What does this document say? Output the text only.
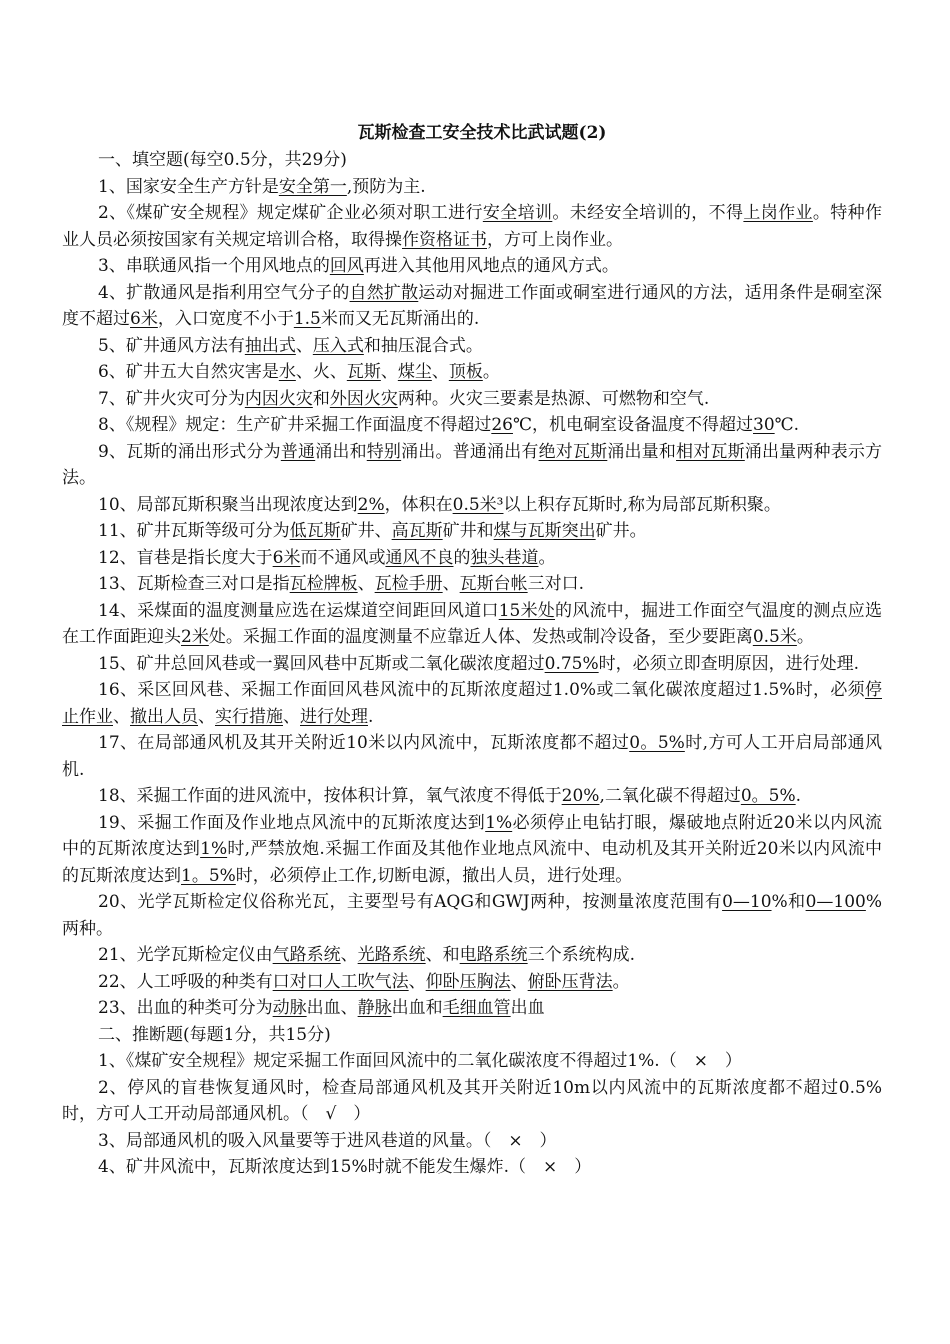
瓦斯检查工安全技术比武试题(2)

一、填空题(每空0.5分，共29分)

1、国家安全生产方针是安全第一,预防为主.

2、《煤矿安全规程》规定煤矿企业必须对职工进行安全培训。未经安全培训的，不得上岗作业。特种作业人员必须按国家有关规定培训合格，取得操作资格证书，方可上岗作业。

3、串联通风指一个用风地点的回风再进入其他用风地点的通风方式。

4、扩散通风是指利用空气分子的自然扩散运动对掘进工作面或硐室进行通风的方法，适用条件是硐室深度不超过6米，入口宽度不小于1.5米而又无瓦斯涌出的.

5、矿井通风方法有抽出式、压入式和抽压混合式。

6、矿井五大自然灾害是水、火、瓦斯、煤尘、顶板。

7、矿井火灾可分为内因火灾和外因火灾两种。火灾三要素是热源、可燃物和空气.

8、《规程》规定：生产矿井采掘工作面温度不得超过26℃，机电硐室设备温度不得超过30℃.

9、瓦斯的涌出形式分为普通涌出和特别涌出。普通涌出有绝对瓦斯涌出量和相对瓦斯涌出量两种表示方法。

10、局部瓦斯积聚当出现浓度达到2%，体积在0.5米³以上积存瓦斯时,称为局部瓦斯积聚。

11、矿井瓦斯等级可分为低瓦斯矿井、高瓦斯矿井和煤与瓦斯突出矿井。

12、盲巷是指长度大于6米而不通风或通风不良的独头巷道。

13、瓦斯检查三对口是指瓦检牌板、瓦检手册、瓦斯台帐三对口.

14、采煤面的温度测量应选在运煤道空间距回风道口15米处的风流中，掘进工作面空气温度的测点应选在工作面距迎头2米处。采掘工作面的温度测量不应靠近人体、发热或制冷设备，至少要距离0.5米。

15、矿井总回风巷或一翼回风巷中瓦斯或二氧化碳浓度超过0.75%时，必须立即查明原因，进行处理.

16、采区回风巷、采掘工作面回风巷风流中的瓦斯浓度超过1.0%或二氧化碳浓度超过1.5%时，必须停止作业、撤出人员、实行措施、进行处理.

17、在局部通风机及其开关附近10米以内风流中，瓦斯浓度都不超过0。5%时,方可人工开启局部通风机.

18、采掘工作面的进风流中，按体积计算，氧气浓度不得低于20%,二氧化碳不得超过0。5%.

19、采掘工作面及作业地点风流中的瓦斯浓度达到1%必须停止电钻打眼，爆破地点附近20米以内风流中的瓦斯浓度达到1%时,严禁放炮.采掘工作面及其他作业地点风流中、电动机及其开关附近20米以内风流中的瓦斯浓度达到1。5%时，必须停止工作,切断电源，撤出人员，进行处理。

20、光学瓦斯检定仪俗称光瓦，主要型号有AQG和GWJ两种，按测量浓度范围有0—10%和0—100%两种。

21、光学瓦斯检定仪由气路系统、光路系统、和电路系统三个系统构成.

22、人工呼吸的种类有口对口人工吹气法、仰卧压胸法、俯卧压背法。

23、出血的种类可分为动脉出血、静脉出血和毛细血管出血

二、推断题(每题1分，共15分)

1、《煤矿安全规程》规定采掘工作面回风流中的二氧化碳浓度不得超过1%.（　×　）

2、停风的盲巷恢复通风时，检查局部通风机及其开关附近10m以内风流中的瓦斯浓度都不超过0.5%时，方可人工开动局部通风机。（　√　）

3、局部通风机的吸入风量要等于进风巷道的风量。（　×　）

4、矿井风流中，瓦斯浓度达到15%时就不能发生爆炸.（　×　）
